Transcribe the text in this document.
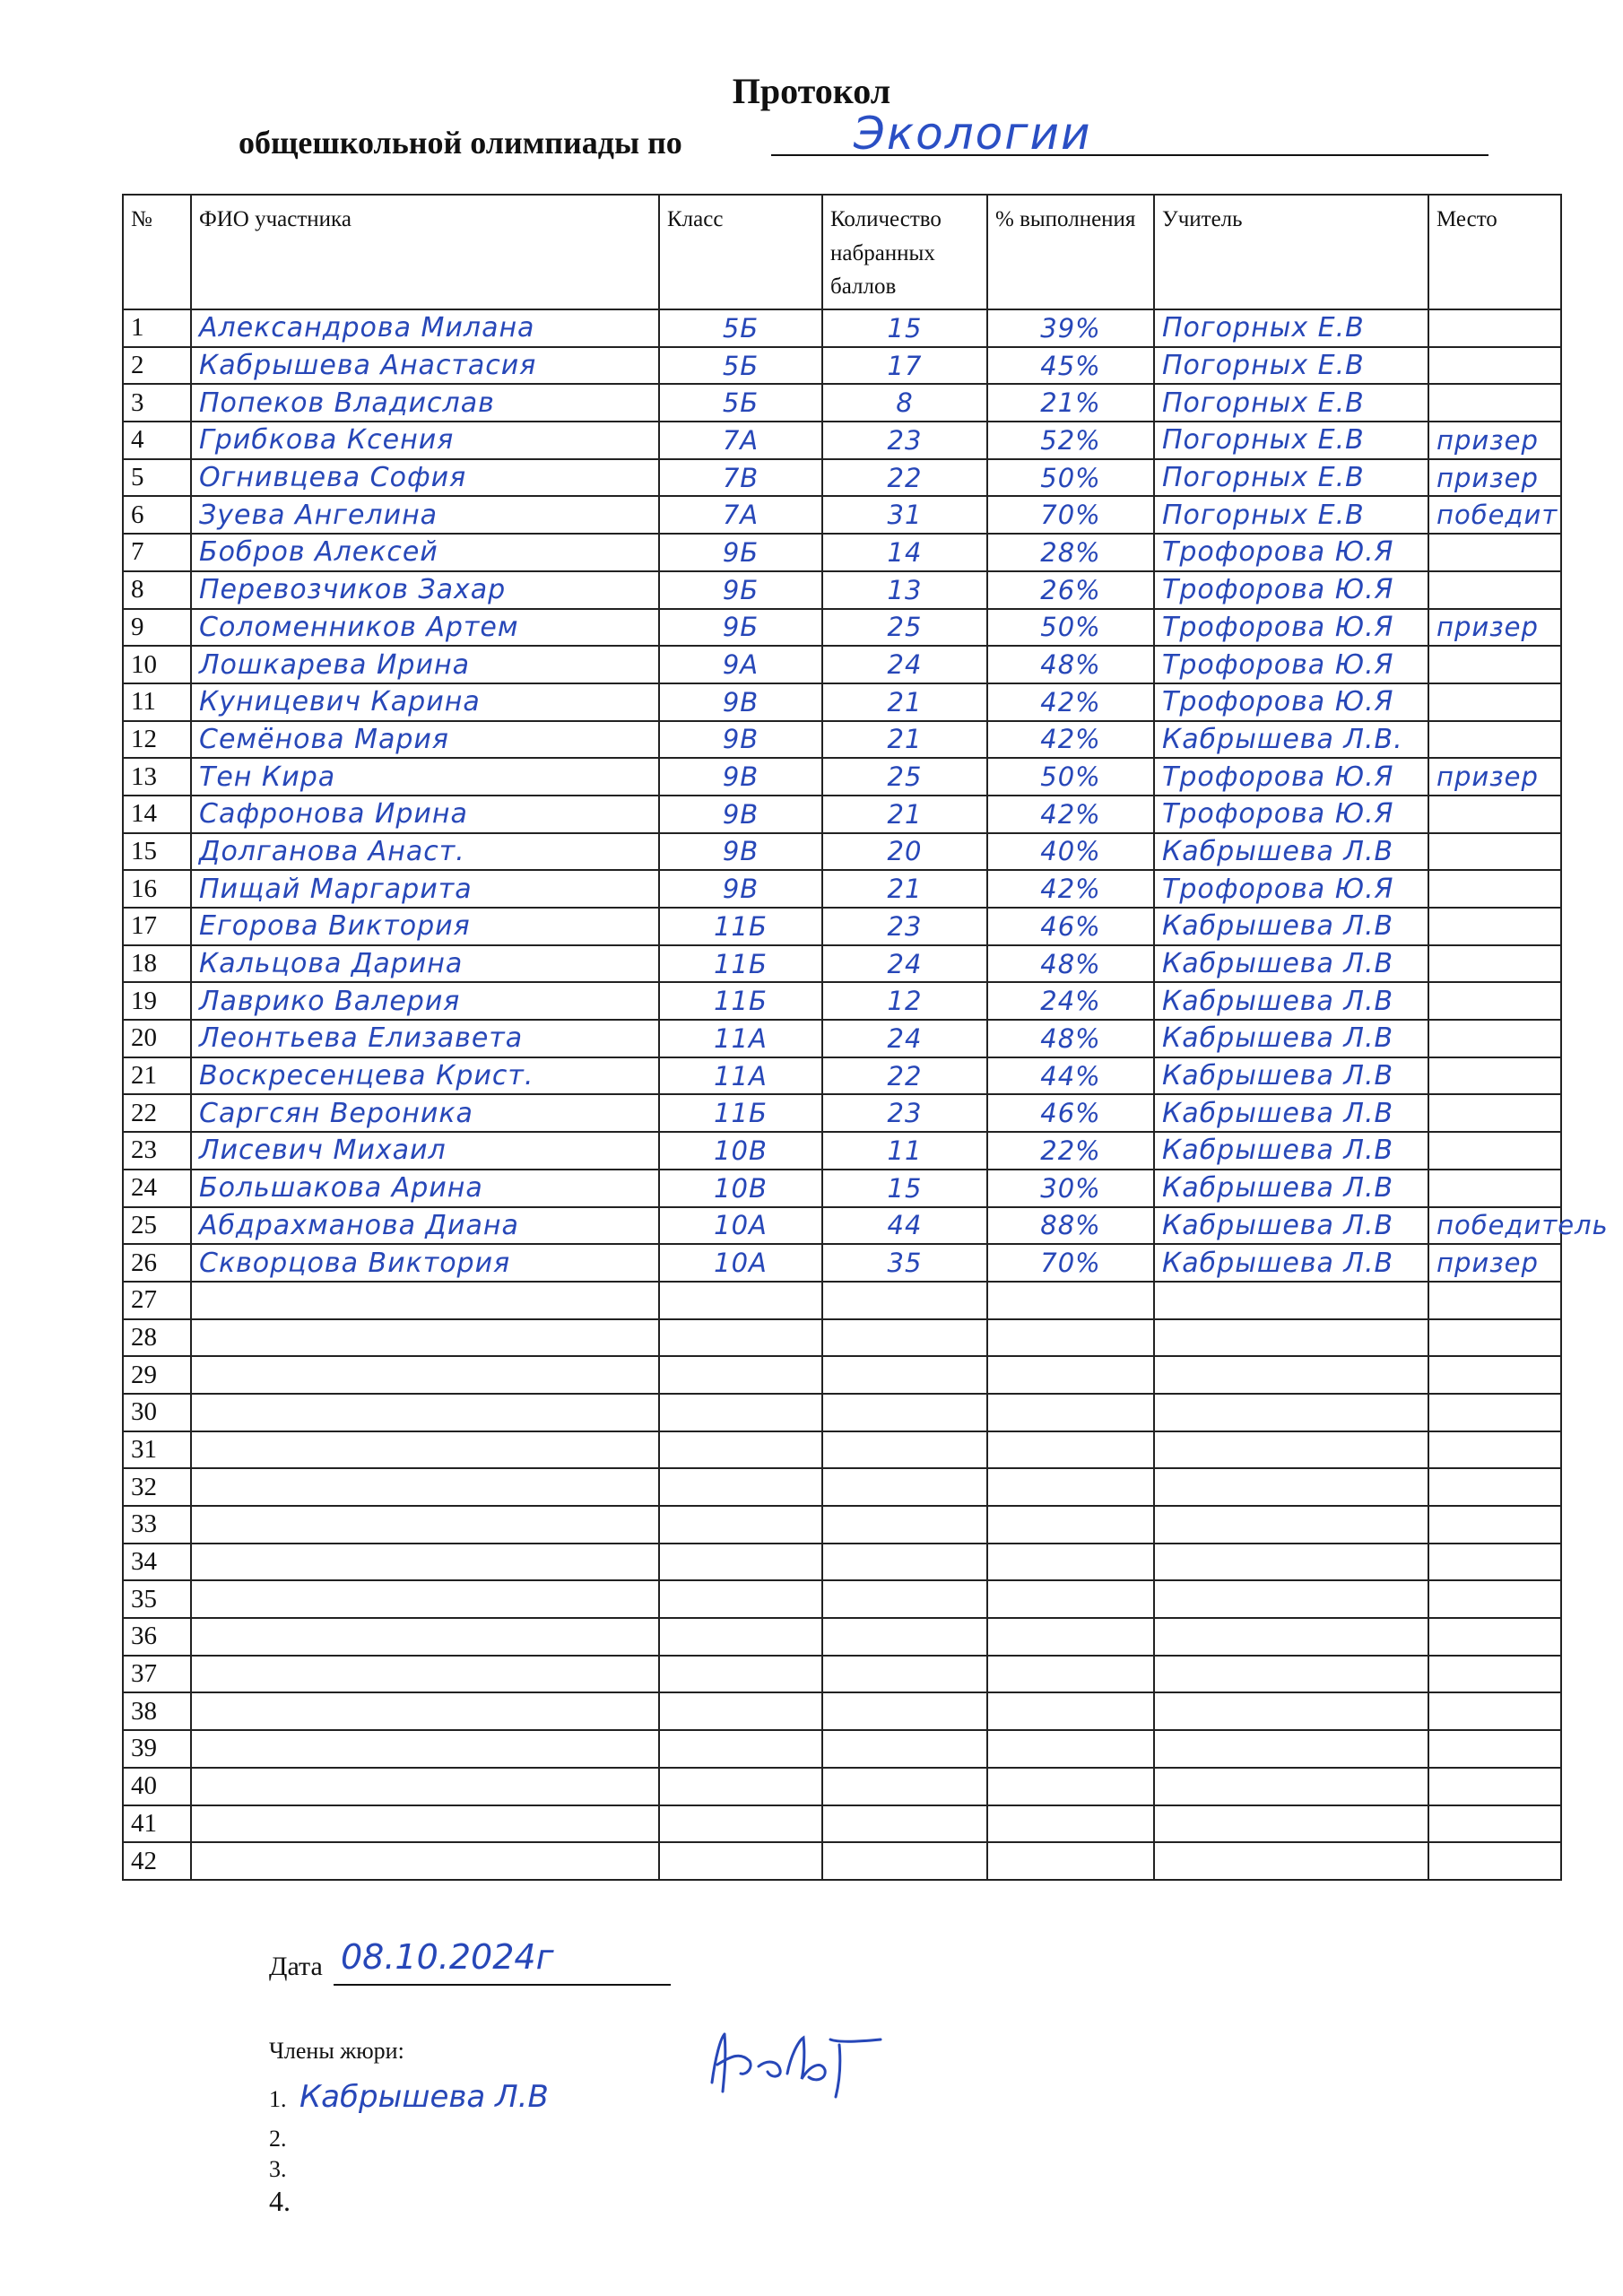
Протокол
общешкольной олимпиады по	Экологии
№	ФИО участника	Класс	Количество набранных баллов	% выполнения	Учитель	Место
1	Александрова Милана	5Б	15	39%	Погорных Е.В	
2	Кабрышева Анастасия	5Б	17	45%	Погорных Е.В	
3	Попеков Владислав	5Б	8	21%	Погорных Е.В	
4	Грибкова Ксения	7А	23	52%	Погорных Е.В	призер
5	Огнивцева София	7В	22	50%	Погорных Е.В	призер
6	Зуева Ангелина	7А	31	70%	Погорных Е.В	победит
7	Бобров Алексей	9Б	14	28%	Трофорова Ю.Я	
8	Перевозчиков Захар	9Б	13	26%	Трофорова Ю.Я	
9	Соломенников Артем	9Б	25	50%	Трофорова Ю.Я	призер
10	Лошкарева Ирина	9А	24	48%	Трофорова Ю.Я	
11	Куницевич Карина	9В	21	42%	Трофорова Ю.Я	
12	Семёнова Мария	9В	21	42%	Кабрышева Л.В.	
13	Тен Кира	9В	25	50%	Трофорова Ю.Я	призер
14	Сафронова Ирина	9В	21	42%	Трофорова Ю.Я	
15	Долганова Анаст.	9В	20	40%	Кабрышева Л.В	
16	Пищай Маргарита	9В	21	42%	Трофорова Ю.Я	
17	Егорова Виктория	11Б	23	46%	Кабрышева Л.В	
18	Кальцова Дарина	11Б	24	48%	Кабрышева Л.В	
19	Лаврико Валерия	11Б	12	24%	Кабрышева Л.В	
20	Леонтьева Елизавета	11А	24	48%	Кабрышева Л.В	
21	Воскресенцева Крист.	11А	22	44%	Кабрышева Л.В	
22	Саргсян Вероника	11Б	23	46%	Кабрышева Л.В	
23	Лисевич Михаил	10В	11	22%	Кабрышева Л.В	
24	Большакова Арина	10В	15	30%	Кабрышева Л.В	
25	Абдрахманова Диана	10А	44	88%	Кабрышева Л.В	победитель
26	Скворцова Виктория	10А	35	70%	Кабрышева Л.В	призер
27						
28						
29						
30						
31						
32						
33						
34						
35						
36						
37						
38						
39						
40						
41						
42						
Дата 08.10.2024г
Члены жюри:
1. Кабрышева Л.В
2.
3.
4.
